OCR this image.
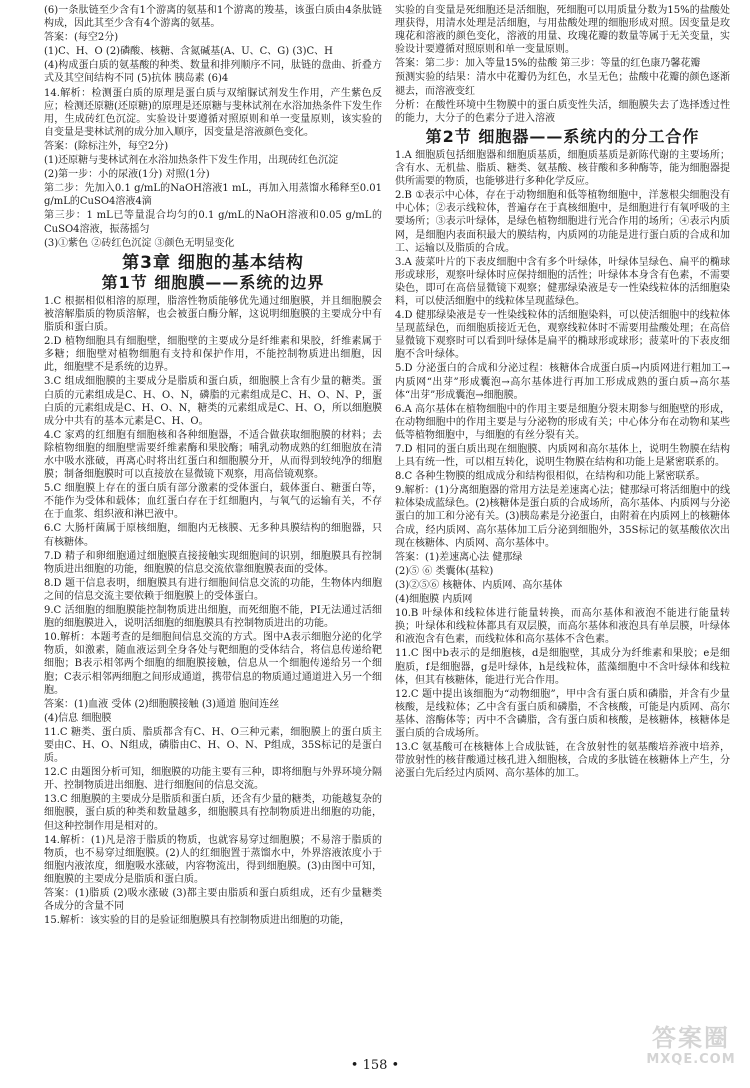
(6)一条肽链至少含有1个游离的氨基和1个游离的羧基，该蛋白质由4条肽链构成，因此其至少含有4个游离的氨基。

答案：(每空2分)

(1)C、H、O (2)磷酸、核糖、含氮碱基(A、U、C、G) (3)C、H

(4)构成蛋白质的氨基酸的种类、数量和排列顺序不同，肽链的盘曲、折叠方式及其空间结构不同 (5)抗体 胰岛素 (6)4

14.解析：检测蛋白质的原理是蛋白质与双缩脲试剂发生作用，产生紫色反应；检测还原糖(还原糖)的原理是还原糖与斐林试剂在水浴加热条件下发生作用，生成砖红色沉淀。实验设计要遵循对照原则和单一变量原则，该实验的自变量是斐林试剂的成分加入顺序，因变量是溶液颜色变化。

答案：(除标注外，每空2分)

(1)还原糖与斐林试剂在水浴加热条件下发生作用，出现砖红色沉淀

(2)第一步：小的尿液(1分) 对照(1分)

第二步：先加入0.1 g/mL的NaOH溶液1 mL，再加入用蒸馏水稀释至0.01 g/mL的CuSO4溶液4滴

第三步：1 mL已等量混合均匀的0.1 g/mL的NaOH溶液和0.05 g/mL的CuSO4溶液，振荡摇匀

(3)①紫色 ②砖红色沉淀 ③颜色无明显变化

第3章 细胞的基本结构
第1节 细胞膜——系统的边界

1.C 根据相似相溶的原理，脂溶性物质能够优先通过细胞膜，并且细胞膜会被溶解脂质的物质溶解，也会被蛋白酶分解，这说明细胞膜的主要成分中有脂质和蛋白质。

2.D 植物细胞具有细胞壁，细胞壁的主要成分是纤维素和果胶，纤维素属于多糖；细胞壁对植物细胞有支持和保护作用，不能控制物质进出细胞，因此，细胞壁不是系统的边界。

3.C 组成细胞膜的主要成分是脂质和蛋白质，细胞膜上含有少量的糖类。蛋白质的元素组成是C、H、O、N，磷脂的元素组成是C、H、O、N、P，蛋白质的元素组成是C、H、O、N，糖类的元素组成是C、H、O，所以细胞膜成分中共有的基本元素是C、H、O。

4.C 家鸡的红细胞有细胞核和各种细胞器，不适合做获取细胞膜的材料；去除植物细胞的细胞壁需要纤维素酶和果胶酶；哺乳动物成熟的红细胞放在清水中吸水涨破，再离心时将出红蛋白和细胞膜分开，从而得到较纯净的细胞膜；制备细胞膜时可以直接放在显微镜下观察，用高倍镜观察。

5.C 细胞膜上存在的蛋白质有部分激素的受体蛋白，载体蛋白、糖蛋白等，不能作为受体和载体；血红蛋白存在于红细胞内，与氧气的运输有关，不存在于血浆、组织液和淋巴液中。

6.C 大肠杆菌属于原核细胞，细胞内无核膜、无多种具膜结构的细胞器，只有核糖体。

7.D 精子和卵细胞通过细胞膜直接接触实现细胞间的识别，细胞膜具有控制物质进出细胞的功能，细胞膜的信息交流依靠细胞膜表面的受体。

8.D 题干信息表明，细胞膜具有进行细胞间信息交流的功能，生物体内细胞之间的信息交流主要依赖于细胞膜上的受体蛋白。

9.C 活细胞的细胞膜能控制物质进出细胞，而死细胞不能，PI无法通过活细胞的细胞膜进入，说明活细胞的细胞膜具有控制物质进出的功能。

10.解析：本题考查的是细胞间信息交流的方式。图中A表示细胞分泌的化学物质，如激素，随血液运到全身各处与靶细胞的受体结合，将信息传递给靶细胞；B表示相邻两个细胞的细胞膜接触，信息从一个细胞传递给另一个细胞；C表示相邻两细胞之间形成通道，携带信息的物质通过通道进入另一个细胞。

答案：(1)血液 受体 (2)细胞膜接触 (3)通道 胞间连丝

(4)信息 细胞膜

11.C 糖类、蛋白质、脂质都含有C、H、O三种元素，细胞膜上的蛋白质主要由C、H、O、N组成，磷脂由C、H、O、N、P组成，35S标记的是蛋白质。

12.C 由题图分析可知，细胞膜的功能主要有三种，即将细胞与外界环境分隔开、控制物质进出细胞、进行细胞间的信息交流。

13.C 细胞膜的主要成分是脂质和蛋白质，还含有少量的糖类，功能越复杂的细胞膜，蛋白质的种类和数量越多，细胞膜具有控制物质进出细胞的功能，但这种控制作用是相对的。

14.解析：(1)凡是溶于脂质的物质，也就容易穿过细胞膜；不易溶于脂质的物质，也不易穿过细胞膜。(2)人的红细胞置于蒸馏水中，外界溶液浓度小于细胞内液浓度，细胞吸水涨破，内容物流出，得到细胞膜。(3)由图中可知，细胞膜的主要成分是脂质和蛋白质。

答案：(1)脂质 (2)吸水涨破 (3)都主要由脂质和蛋白质组成，还有少量糖类 各成分的含量不同

15.解析：该实验的目的是验证细胞膜具有控制物质进出细胞的功能，

实验的自变量是死细胞还是活细胞，死细胞可以用质量分数为15%的盐酸处理获得，用清水处理是活细胞，与用盐酸处理的细胞形成对照。因变量是玫瑰花和溶液的颜色变化，溶液的用量、玫瑰花瓣的数量等属于无关变量，实验设计要遵循对照原则和单一变量原则。

答案：第二步：加入等量15%的盐酸 第三步：等量的红色康乃馨花瓣

预测实验的结果：清水中花瓣仍为红色，水呈无色；盐酸中花瓣的颜色逐渐褪去，而溶液变红

分析：在酸性环境中生物膜中的蛋白质变性失活，细胞膜失去了选择透过性的能力，大分子的色素分子进入溶液

第2节 细胞器——系统内的分工合作

1.A 细胞质包括细胞器和细胞质基质，细胞质基质是新陈代谢的主要场所；含有水、无机盐、脂质、糖类、氨基酸、核苷酸和多种酶等，能为细胞器提供所需要的物质，也能够进行多种化学反应。

2.B ①表示中心体，存在于动物细胞和低等植物细胞中，洋葱根尖细胞没有中心体；②表示线粒体，普遍存在于真核细胞中，是细胞进行有氧呼吸的主要场所；③表示叶绿体，是绿色植物细胞进行光合作用的场所；④表示内质网，是细胞内表面积最大的膜结构，内质网的功能是进行蛋白质的合成和加工、运输以及脂质的合成。

3.A 菠菜叶片的下表皮细胞中含有多个叶绿体，叶绿体呈绿色、扁平的椭球形或球形，观察叶绿体时应保持细胞的活性；叶绿体本身含有色素，不需要染色，即可在高倍显微镜下观察；健那绿染液是专一性染线粒体的活细胞染料，可以使活细胞中的线粒体呈现蓝绿色。

4.D 健那绿染液是专一性染线粒体的活细胞染料，可以使活细胞中的线粒体呈现蓝绿色，而细胞质接近无色，观察线粒体时不需要用盐酸处理；在高倍显微镜下观察时可以看到叶绿体是扁平的椭球形或球形；菠菜叶的下表皮细胞不含叶绿体。

5.D 分泌蛋白的合成和分泌过程：核糖体合成蛋白质→内质网进行粗加工→内质网“出芽”形成囊泡→高尔基体进行再加工形成成熟的蛋白质→高尔基体“出芽”形成囊泡→细胞膜。

6.A 高尔基体在植物细胞中的作用主要是细胞分裂末期参与细胞壁的形成，在动物细胞中的作用主要是与分泌物的形成有关；中心体分布在动物和某些低等植物细胞中，与细胞的有丝分裂有关。

7.D 相同的蛋白质出现在细胞膜、内质网和高尔基体上，说明生物膜在结构上具有统一性，可以相互转化，说明生物膜在结构和功能上是紧密联系的。

8.C 各种生物膜的组成成分和结构很相似，在结构和功能上紧密联系。

9.解析：(1)分离细胞器的常用方法是差速离心法；健那绿可将活细胞中的线粒体染成蓝绿色。(2)核糖体是蛋白质的合成场所，高尔基体、内质网与分泌蛋白的加工和分泌有关。(3)胰岛素是分泌蛋白，由附着在内质网上的核糖体合成，经内质网、高尔基体加工后分泌到细胞外，35S标记的氨基酸依次出现在核糖体、内质网、高尔基体中。

答案：(1)差速离心法 健那绿

(2)⑤ ⑥ 类囊体(基粒)

(3)②⑤⑥ 核糖体、内质网、高尔基体

(4)细胞膜 内质网

10.B 叶绿体和线粒体进行能量转换，而高尔基体和液泡不能进行能量转换；叶绿体和线粒体都具有双层膜，而高尔基体和液泡具有单层膜，叶绿体和液泡含有色素，而线粒体和高尔基体不含色素。

11.C 图中b表示的是细胞核，d是细胞壁，其成分为纤维素和果胶；e是细胞质，f是细胞器，g是叶绿体，h是线粒体，蓝藻细胞中不含叶绿体和线粒体，但其有核糖体，能进行光合作用。

12.C 题中提出该细胞为“动物细胞”，甲中含有蛋白质和磷脂，并含有少量核酸，是线粒体；乙中含有蛋白质和磷脂，不含核酸，可能是内质网、高尔基体、溶酶体等；丙中不含磷脂，含有蛋白质和核酸，是核糖体，核糖体是蛋白质的合成场所。

13.C 氨基酸可在核糖体上合成肽链，在含放射性的氨基酸培养液中培养，带放射性的核苷酸通过核孔进入细胞核，合成的多肽链在核糖体上产生，分泌蛋白先后经过内质网、高尔基体的加工。

• 158 •
答案圈
MXQE.COM
